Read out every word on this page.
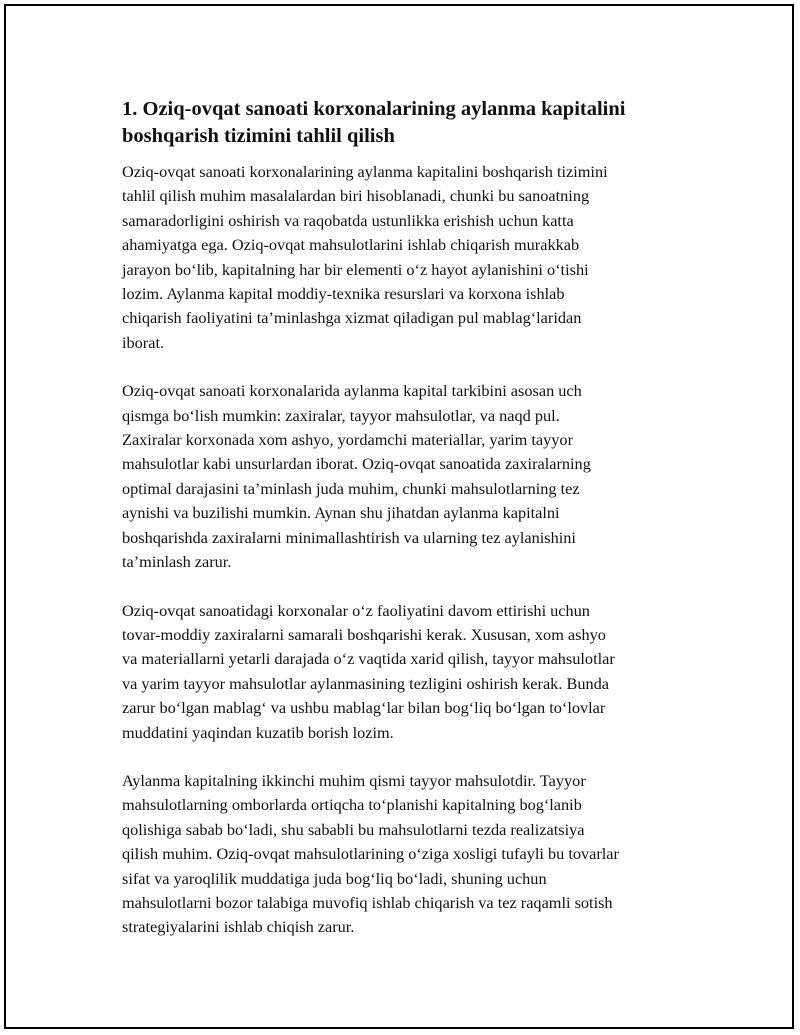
1. Oziq-ovqat sanoati korxonalarining aylanma kapitalini
boshqarish tizimini tahlil qilish

Oziq-ovqat sanoati korxonalarining aylanma kapitalini boshqarish tizimini
tahlil qilish muhim masalalardan biri hisoblanadi, chunki bu sanoatning
samaradorligini oshirish va raqobatda ustunlikka erishish uchun katta
ahamiyatga ega. Oziq-ovqat mahsulotlarini ishlab chiqarish murakkab
jarayon boʻlib, kapitalning har bir elementi oʻz hayot aylanishini oʻtishi
lozim. Aylanma kapital moddiy-texnika resurslari va korxona ishlab
chiqarish faoliyatini taʼminlashga xizmat qiladigan pul mablagʻlaridan
iborat.

Oziq-ovqat sanoati korxonalarida aylanma kapital tarkibini asosan uch
qismga boʻlish mumkin: zaxiralar, tayyor mahsulotlar, va naqd pul.
Zaxiralar korxonada xom ashyo, yordamchi materiallar, yarim tayyor
mahsulotlar kabi unsurlardan iborat. Oziq-ovqat sanoatida zaxiralarning
optimal darajasini taʼminlash juda muhim, chunki mahsulotlarning tez
aynishi va buzilishi mumkin. Aynan shu jihatdan aylanma kapitalni
boshqarishda zaxiralarni minimallashtirish va ularning tez aylanishini
taʼminlash zarur.

Oziq-ovqat sanoatidagi korxonalar oʻz faoliyatini davom ettirishi uchun
tovar-moddiy zaxiralarni samarali boshqarishi kerak. Xususan, xom ashyo
va materiallarni yetarli darajada oʻz vaqtida xarid qilish, tayyor mahsulotlar
va yarim tayyor mahsulotlar aylanmasining tezligini oshirish kerak. Bunda
zarur boʻlgan mablagʻ va ushbu mablagʻlar bilan bogʻliq boʻlgan toʻlovlar
muddatini yaqindan kuzatib borish lozim.

Aylanma kapitalning ikkinchi muhim qismi tayyor mahsulotdir. Tayyor
mahsulotlarning omborlarda ortiqcha toʻplanishi kapitalning bogʻlanib
qolishiga sabab boʻladi, shu sababli bu mahsulotlarni tezda realizatsiya
qilish muhim. Oziq-ovqat mahsulotlarining oʻziga xosligi tufayli bu tovarlar
sifat va yaroqlilik muddatiga juda bogʻliq boʻladi, shuning uchun
mahsulotlarni bozor talabiga muvofiq ishlab chiqarish va tez raqamli sotish
strategiyalarini ishlab chiqish zarur.
